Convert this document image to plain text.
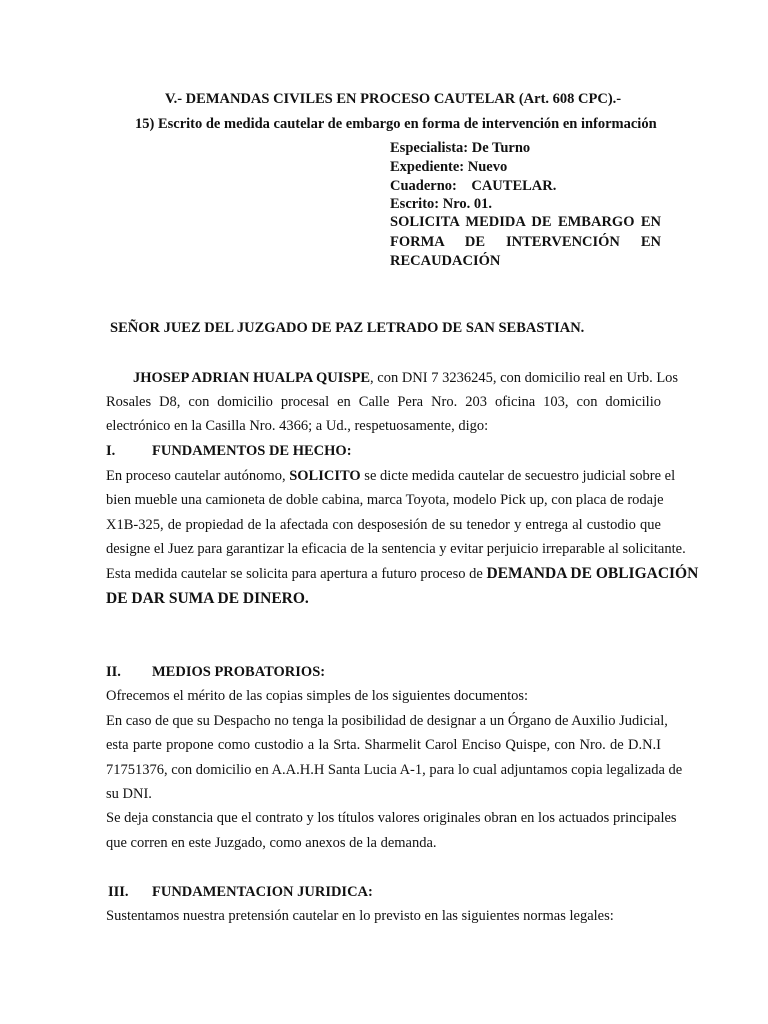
V.- DEMANDAS CIVILES EN PROCESO CAUTELAR (Art. 608 CPC).-
15) Escrito de medida cautelar de embargo en forma de intervención en información
Especialista: De Turno
Expediente: Nuevo
Cuaderno:    CAUTELAR.
Escrito: Nro. 01.
SOLICITA MEDIDA DE EMBARGO EN
FORMA DE INTERVENCIÓN EN
RECAUDACIÓN
SEÑOR JUEZ DEL JUZGADO DE PAZ LETRADO DE SAN SEBASTIAN.
JHOSEP ADRIAN HUALPA QUISPE, con DNI 7 3236245, con domicilio real en Urb. Los
Rosales D8, con domicilio procesal en Calle Pera Nro. 203 oficina 103, con domicilio
electrónico en la Casilla Nro. 4366; a Ud., respetuosamente, digo:
I.	FUNDAMENTOS DE HECHO:
En proceso cautelar autónomo, SOLICITO se dicte medida cautelar de secuestro judicial sobre el
bien mueble una camioneta de doble cabina, marca Toyota, modelo Pick up, con placa de rodaje
X1B-325, de propiedad de la afectada con desposesión de su tenedor y entrega al custodio que
designe el Juez para garantizar la eficacia de la sentencia y evitar perjuicio irreparable al solicitante.
Esta medida cautelar se solicita para apertura a futuro proceso de DEMANDA DE OBLIGACIÓN
DE DAR SUMA DE DINERO.
II. MEDIOS PROBATORIOS:
Ofrecemos el mérito de las copias simples de los siguientes documentos:
En caso de que su Despacho no tenga la posibilidad de designar a un Órgano de Auxilio Judicial,
esta parte propone como custodio a la Srta. Sharmelit Carol Enciso Quispe, con Nro. de D.N.I
71751376, con domicilio en A.A.H.H Santa Lucia A-1, para lo cual adjuntamos copia legalizada de
su DNI.
Se deja constancia que el contrato y los títulos valores originales obran en los actuados principales
que corren en este Juzgado, como anexos de la demanda.
III. FUNDAMENTACION JURIDICA:
Sustentamos nuestra pretensión cautelar en lo previsto en las siguientes normas legales:
